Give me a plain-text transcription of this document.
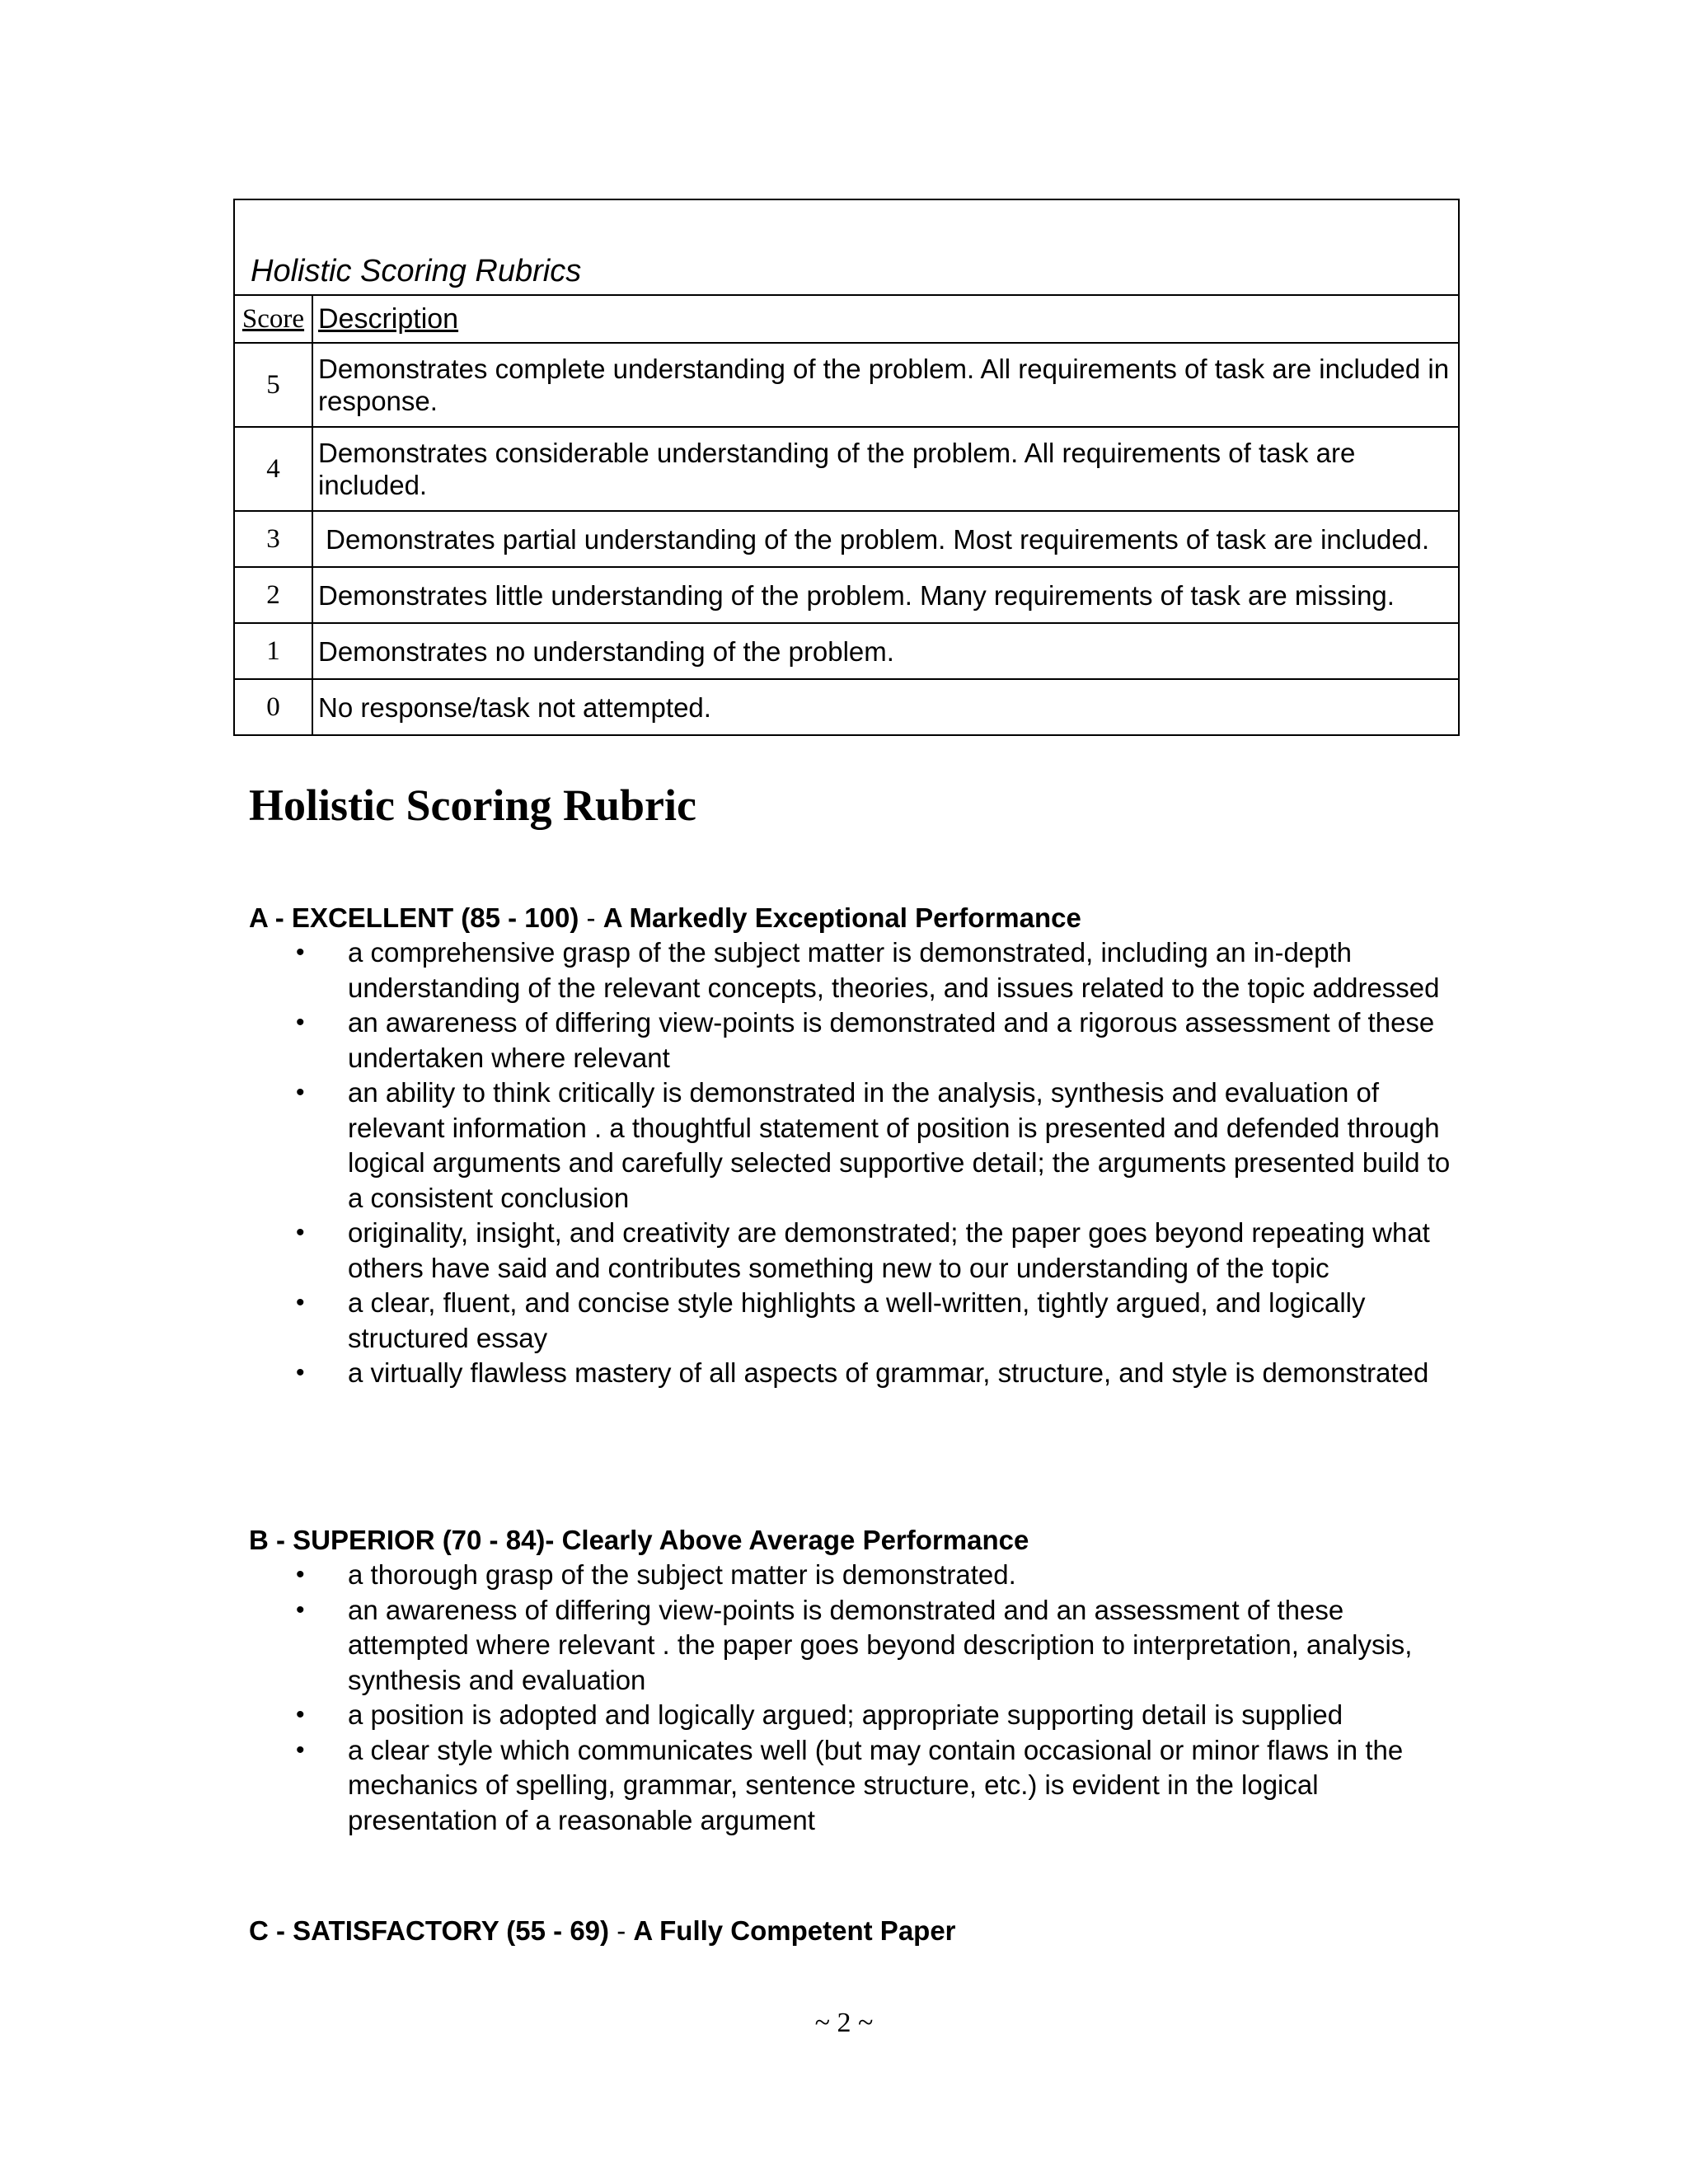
Holistic Scoring Rubrics	
Score	Description
5	Demonstrates complete understanding of the problem. All requirements of task are included in response.
4	Demonstrates considerable understanding of the problem. All requirements of task are included.
3	Demonstrates partial understanding of the problem. Most requirements of task are included.
2	Demonstrates little understanding of the problem. Many requirements of task are missing.
1	Demonstrates no understanding of the problem.
0	No response/task not attempted.
Holistic Scoring Rubric

A - EXCELLENT (85 - 100) - A Markedly Exceptional Performance

• a comprehensive grasp of the subject matter is demonstrated, including an in-depth understanding of the relevant concepts, theories, and issues related to the topic addressed
• an awareness of differing view-points is demonstrated and a rigorous assessment of these undertaken where relevant
• an ability to think critically is demonstrated in the analysis, synthesis and evaluation of relevant information . a thoughtful statement of position is presented and defended through logical arguments and carefully selected supportive detail; the arguments presented build to a consistent conclusion
• originality, insight, and creativity are demonstrated; the paper goes beyond repeating what others have said and contributes something new to our understanding of the topic
• a clear, fluent, and concise style highlights a well-written, tightly argued, and logically structured essay
• a virtually flawless mastery of all aspects of grammar, structure, and style is demonstrated

B - SUPERIOR (70 - 84)- Clearly Above Average Performance

• a thorough grasp of the subject matter is demonstrated.
• an awareness of differing view-points is demonstrated and an assessment of these attempted where relevant . the paper goes beyond description to interpretation, analysis, synthesis and evaluation
• a position is adopted and logically argued; appropriate supporting detail is supplied
• a clear style which communicates well (but may contain occasional or minor flaws in the mechanics of spelling, grammar, sentence structure, etc.) is evident in the logical presentation of a reasonable argument

C - SATISFACTORY (55 - 69) - A Fully Competent Paper

~ 2 ~
